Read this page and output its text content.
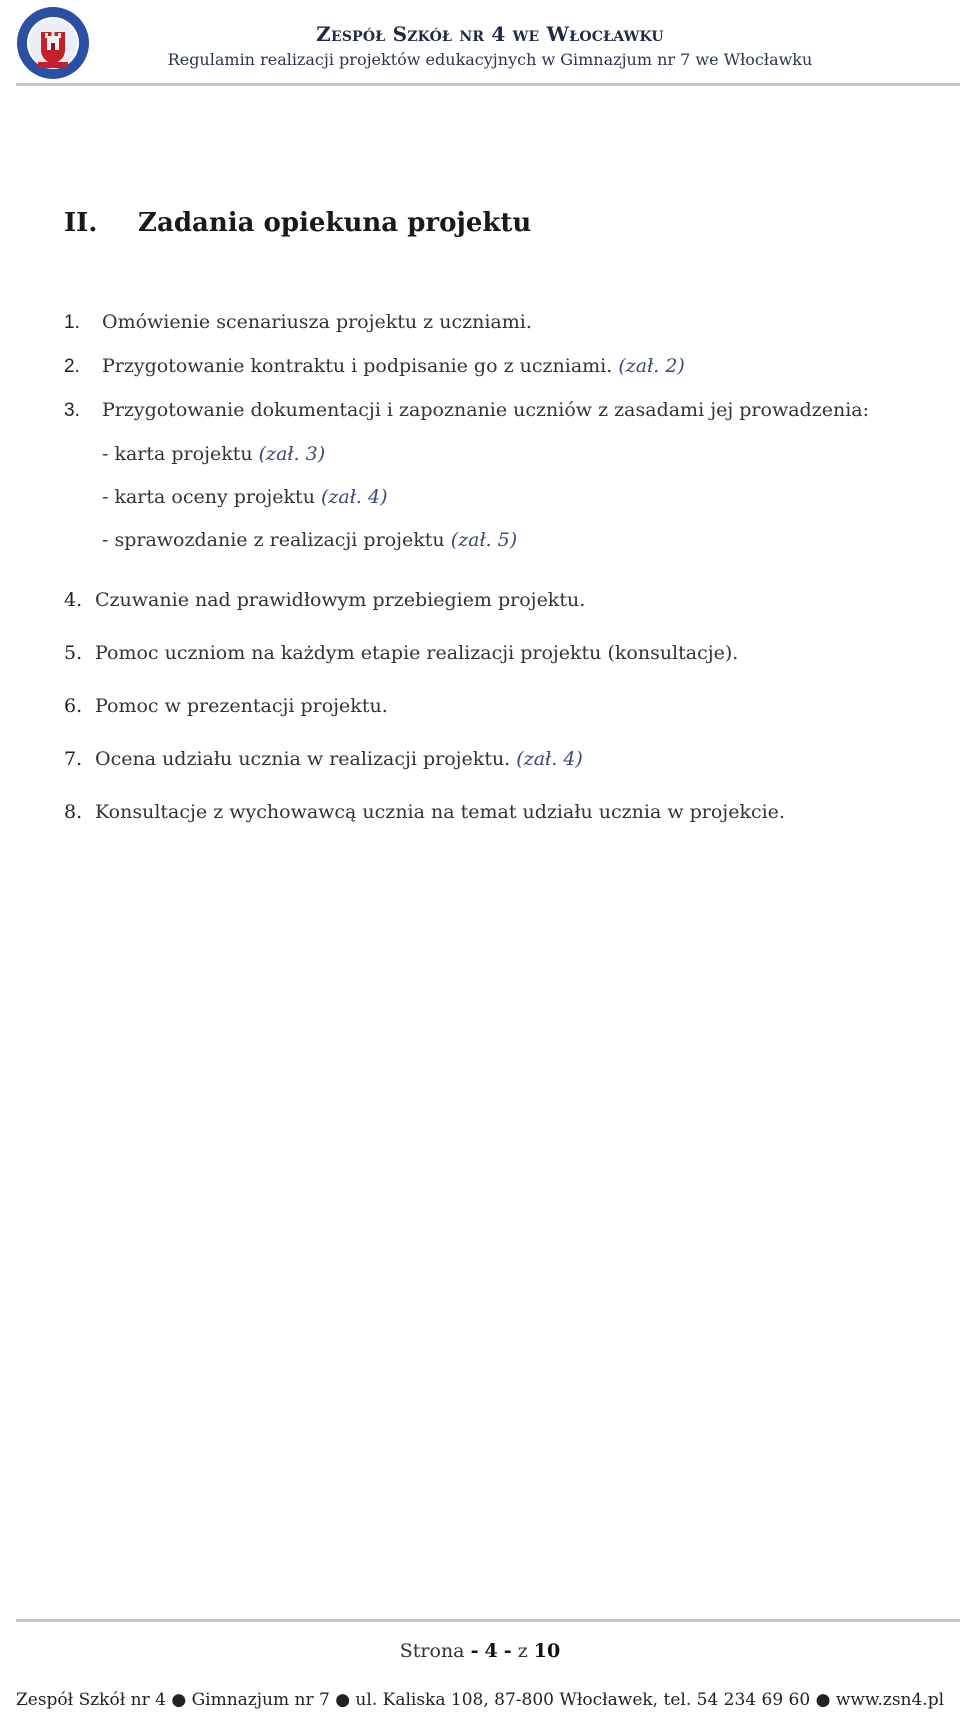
Zespół Szkół nr 4 we Włocławku
Regulamin realizacji projektów edukacyjnych w Gimnazjum nr 7 we Włocławku
II. Zadania opiekuna projektu
1. Omówienie scenariusza projektu z uczniami.
2. Przygotowanie kontraktu i podpisanie go z uczniami. (zał. 2)
3. Przygotowanie dokumentacji i zapoznanie uczniów z zasadami jej prowadzenia:
- karta projektu (zał. 3)
- karta oceny projektu (zał. 4)
- sprawozdanie z realizacji projektu (zał. 5)
4. Czuwanie nad prawidłowym przebiegiem projektu.
5. Pomoc uczniom na każdym etapie realizacji projektu (konsultacje).
6. Pomoc w prezentacji projektu.
7. Ocena udziału ucznia w realizacji projektu. (zał. 4)
8. Konsultacje z wychowawcą ucznia na temat udziału ucznia w projekcie.
Strona - 4 - z 10
Zespół Szkół nr 4 ● Gimnazjum nr 7 ● ul. Kaliska 108, 87-800 Włocławek, tel. 54 234 69 60 ● www.zsn4.pl
